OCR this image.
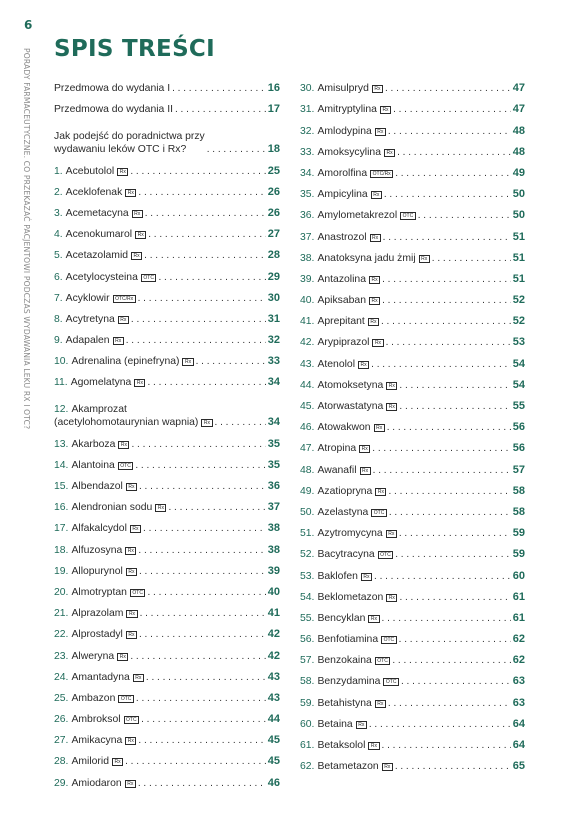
6
PORADY FARMACEUTYCZNE. CO PRZEKAZAĆ PACJENTOWI PODCZAS WYDAWANIA LEKU RX I OTC? SPIS TREŚCI
Przedmowa do wydania I . . .	16
Przedmowa do wydania II . . .	17
Jak podejść do poradnictwa przy
wydawaniu leków OTC i Rx? . . .	18
1. Acebutolol Rx . . .	25
2. Aceklofenak Rx . . .	26
3. Acemetacyna Rx . . .	26
4. Acenokumarol Rx . . .	27
5. Acetazolamid Rx . . .	28
6. Acetylocysteina OTC . . .	29
7. Acyklowir OTC/Rx . . .	30
8. Acytretyna Rx . . .	31
9. Adapalen Rx . . .	32
10. Adrenalina (epinefryna) Rx . . .	33
11. Agomelatyna Rx . . .	34
12. Akamprozat
(acetylohomotaurynian wapnia) Rx . . .	34
13. Akarboza Rx . . .	35
14. Alantoina OTC . . .	35
15. Albendazol Rx . . .	36
16. Alendronian sodu Rx . . .	37
17. Alfakalcydol Rx . . .	38
18. Alfuzosyna Rx . . .	38
19. Allopurynol Rx . . .	39
20. Almotryptan OTC . . .	40
21. Alprazolam Rx . . .	41
22. Alprostadyl Rx . . .	42
23. Alweryna Rx . . .	42
24. Amantadyna Rx . . .	43
25. Ambazon OTC . . .	43
26. Ambroksol OTC . . .	44
27. Amikacyna Rx . . .	45
28. Amilorid Rx . . .	45
29. Amiodaron Rx . . .	46
30. Amisulpryd Rx . . .	47
31. Amitryptylina Rx . . .	47
32. Amlodypina Rx . . .	48
33. Amoksycylina Rx . . .	48
34. Amorolfina OTC/Rx . . .	49
35. Ampicylina Rx . . .	50
36. Amylometakrezol OTC . . .	50
37. Anastrozol Rx . . .	51
38. Anatoksyna jadu żmij Rx . . .	51
39. Antazolina Rx . . .	51
40. Apiksaban Rx . . .	52
41. Aprepitant Rx . . .	52
42. Arypiprazol Rx . . .	53
43. Atenolol Rx . . .	54
44. Atomoksetyna Rx . . .	54
45. Atorwastatyna Rx . . .	55
46. Atowakwon Rx . . .	56
47. Atropina Rx . . .	56
48. Awanafil Rx . . .	57
49. Azatiopryna Rx . . .	58
50. Azelastyna OTC . . .	58
51. Azytromycyna Rx . . .	59
52. Bacytracyna OTC . . .	59
53. Baklofen Rx . . .	60
54. Beklometazon Rx . . .	61
55. Bencyklan Rx . . .	61
56. Benfotiamina OTC . . .	62
57. Benzokaina OTC . . .	62
58. Benzydamina OTC . . .	63
59. Betahistyna Rx . . .	63
60. Betaina Rx . . .	64
61. Betaksolol Rx . . .	64
62. Betametazon Rx . . .	65
